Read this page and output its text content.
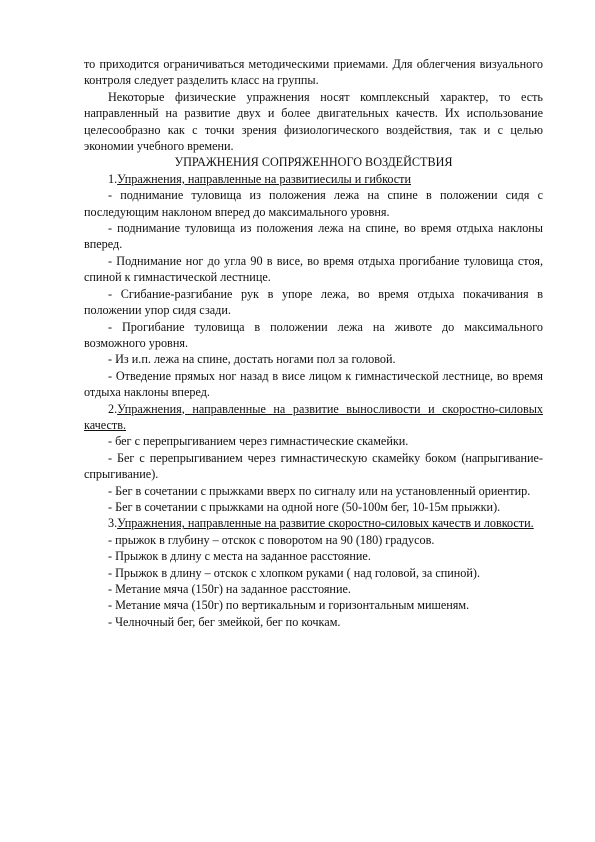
то приходится ограничиваться методическими приемами. Для облегчения визуального контроля следует разделить класс на группы.

Некоторые физические упражнения носят комплексный характер, то есть направленный на развитие двух и более двигательных качеств. Их использование целесообразно как с точки зрения физиологического воздействия, так и с целью экономии учебного времени.

УПРАЖНЕНИЯ СОПРЯЖЕННОГО ВОЗДЕЙСТВИЯ

1.Упражнения, направленные на развитиесилы и гибкости

- поднимание туловища из положения лежа на спине в положении сидя с последующим наклоном вперед до максимального уровня.

- поднимание туловища из положения лежа на спине, во время отдыха наклоны вперед.

- Поднимание ног до угла 90 в висе, во время отдыха прогибание туловища стоя, спиной к гимнастической лестнице.

- Сгибание-разгибание рук в упоре лежа, во время отдыха покачивания в положении упор сидя сзади.

- Прогибание туловища в положении лежа на животе до максимального возможного уровня.

- Из и.п. лежа на спине, достать ногами пол за головой.

- Отведение прямых ног назад в висе лицом к гимнастической лестнице, во время отдыха наклоны вперед.

2.Упражнения, направленные на развитие выносливости и скоростно-силовых качеств.

- бег с перепрыгиванием через гимнастические скамейки.

- Бег с перепрыгиванием через гимнастическую скамейку боком (напрыгивание-спрыгивание).

- Бег в сочетании с прыжками вверх по сигналу или на установленный ориентир.

- Бег в сочетании с прыжками на одной ноге (50-100м бег, 10-15м прыжки).

3.Упражнения, направленные на развитие скоростно-силовых качеств и ловкости.

- прыжок в глубину – отскок с поворотом на 90 (180) градусов.

- Прыжок в длину с места на заданное расстояние.

- Прыжок в длину – отскок с хлопком руками ( над головой, за спиной).

- Метание мяча (150г) на заданное расстояние.

- Метание мяча (150г) по вертикальным и горизонтальным мишеням.

- Челночный бег, бег змейкой, бег по кочкам.
